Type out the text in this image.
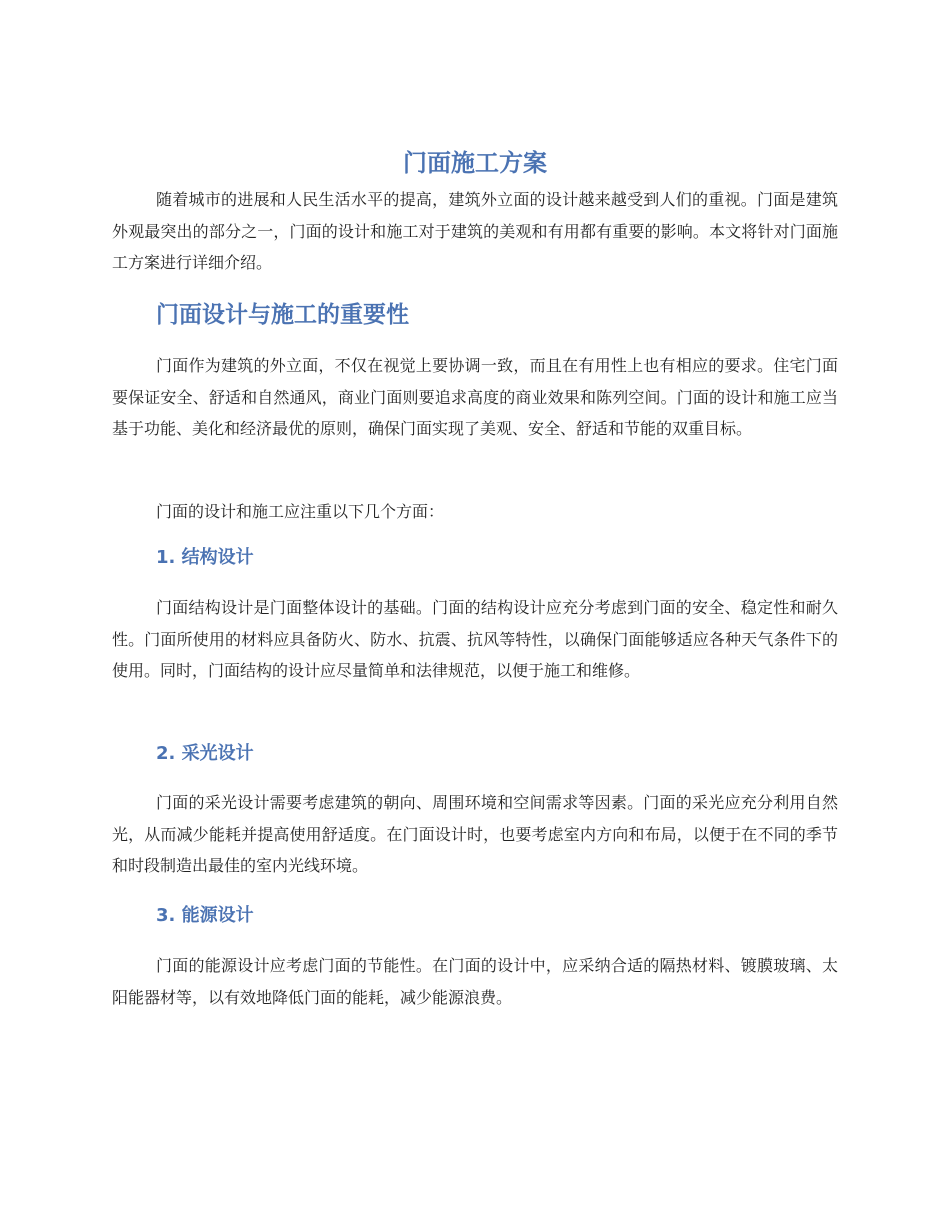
门面施工方案

随着城市的进展和人民生活水平的提高，建筑外立面的设计越来越受到人们的重视。门面是建筑外观最突出的部分之一，门面的设计和施工对于建筑的美观和有用都有重要的影响。本文将针对门面施工方案进行详细介绍。

门面设计与施工的重要性

门面作为建筑的外立面，不仅在视觉上要协调一致，而且在有用性上也有相应的要求。住宅门面要保证安全、舒适和自然通风，商业门面则要追求高度的商业效果和陈列空间。门面的设计和施工应当基于功能、美化和经济最优的原则，确保门面实现了美观、安全、舒适和节能的双重目标。

门面的设计和施工应注重以下几个方面：

1. 结构设计

门面结构设计是门面整体设计的基础。门面的结构设计应充分考虑到门面的安全、稳定性和耐久性。门面所使用的材料应具备防火、防水、抗震、抗风等特性，以确保门面能够适应各种天气条件下的使用。同时，门面结构的设计应尽量简单和法律规范，以便于施工和维修。

2. 采光设计

门面的采光设计需要考虑建筑的朝向、周围环境和空间需求等因素。门面的采光应充分利用自然光，从而减少能耗并提高使用舒适度。在门面设计时，也要考虑室内方向和布局，以便于在不同的季节和时段制造出最佳的室内光线环境。

3. 能源设计

门面的能源设计应考虑门面的节能性。在门面的设计中，应采纳合适的隔热材料、镀膜玻璃、太阳能器材等，以有效地降低门面的能耗，减少能源浪费。
